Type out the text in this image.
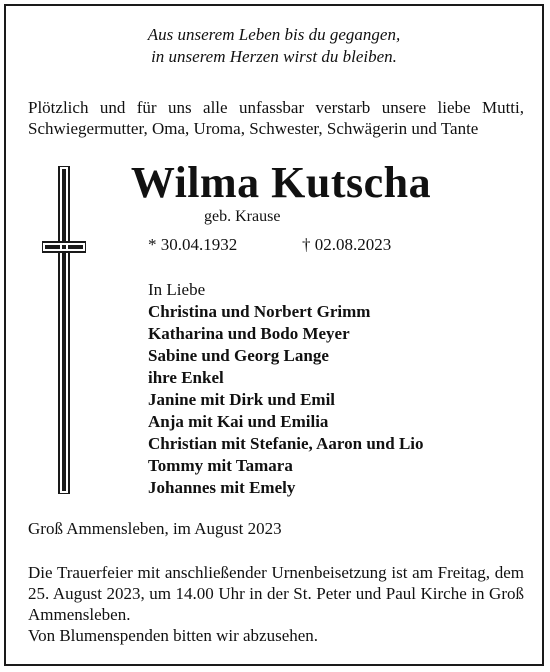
Aus unserem Leben bis du gegangen,
in unserem Herzen wirst du bleiben.
Plötzlich und für uns alle unfassbar verstarb unsere liebe Mutti, Schwiegermutter, Oma, Uroma, Schwester, Schwägerin und Tante
Wilma Kutscha
geb. Krause
* 30.04.1932	† 02.08.2023
In Liebe
Christina und Norbert Grimm
Katharina und Bodo Meyer
Sabine und Georg Lange
ihre Enkel
Janine mit Dirk und Emil
Anja mit Kai und Emilia
Christian mit Stefanie, Aaron und Lio
Tommy mit Tamara
Johannes mit Emely
Groß Ammensleben, im August 2023
Die Trauerfeier mit anschließender Urnenbeisetzung ist am Freitag, dem 25. August 2023, um 14.00 Uhr in der St. Peter und Paul Kirche in Groß Ammensleben.
Von Blumenspenden bitten wir abzusehen.
